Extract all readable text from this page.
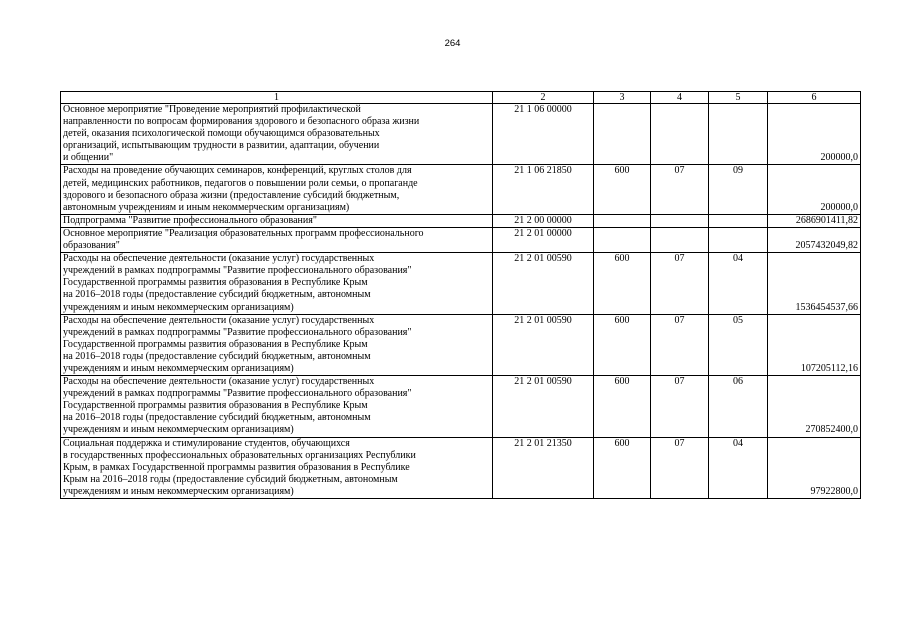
264
1	2	3	4	5	6
Основное мероприятие "Проведение мероприятий профилактической
направленности по вопросам формирования здорового и безопасного образа жизни
детей, оказания психологической помощи обучающимся образовательных
организаций, испытывающим трудности в развитии, адаптации, обучении
и общении"	21 1 06 00000				200000,0
Расходы на проведение обучающих семинаров, конференций, круглых столов для
детей, медицинских работников, педагогов о повышении роли семьи, о пропаганде
здорового и безопасного образа жизни (предоставление субсидий бюджетным,
автономным учреждениям и иным некоммерческим организациям)	21 1 06 21850	600	07	09	200000,0
Подпрограмма "Развитие профессионального образования"	21 2 00 00000				2686901411,82
Основное мероприятие "Реализация образовательных программ профессионального
образования"	21 2 01 00000				2057432049,82
Расходы на обеспечение деятельности (оказание услуг) государственных
учреждений в рамках подпрограммы "Развитие профессионального образования"
Государственной программы развития образования в Республике Крым
на 2016–2018 годы (предоставление субсидий бюджетным, автономным
учреждениям и иным некоммерческим организациям)	21 2 01 00590	600	07	04	1536454537,66
Расходы на обеспечение деятельности (оказание услуг) государственных
учреждений в рамках подпрограммы "Развитие профессионального образования"
Государственной программы развития образования в Республике Крым
на 2016–2018 годы (предоставление субсидий бюджетным, автономным
учреждениям и иным некоммерческим организациям)	21 2 01 00590	600	07	05	107205112,16
Расходы на обеспечение деятельности (оказание услуг) государственных
учреждений в рамках подпрограммы "Развитие профессионального образования"
Государственной программы развития образования в Республике Крым
на 2016–2018 годы (предоставление субсидий бюджетным, автономным
учреждениям и иным некоммерческим организациям)	21 2 01 00590	600	07	06	270852400,0
Социальная поддержка и стимулирование студентов, обучающихся
в государственных профессиональных образовательных организациях Республики
Крым, в рамках Государственной программы развития образования в Республике
Крым на 2016–2018 годы (предоставление субсидий бюджетным, автономным
учреждениям и иным некоммерческим организациям)	21 2 01 21350	600	07	04	97922800,0
